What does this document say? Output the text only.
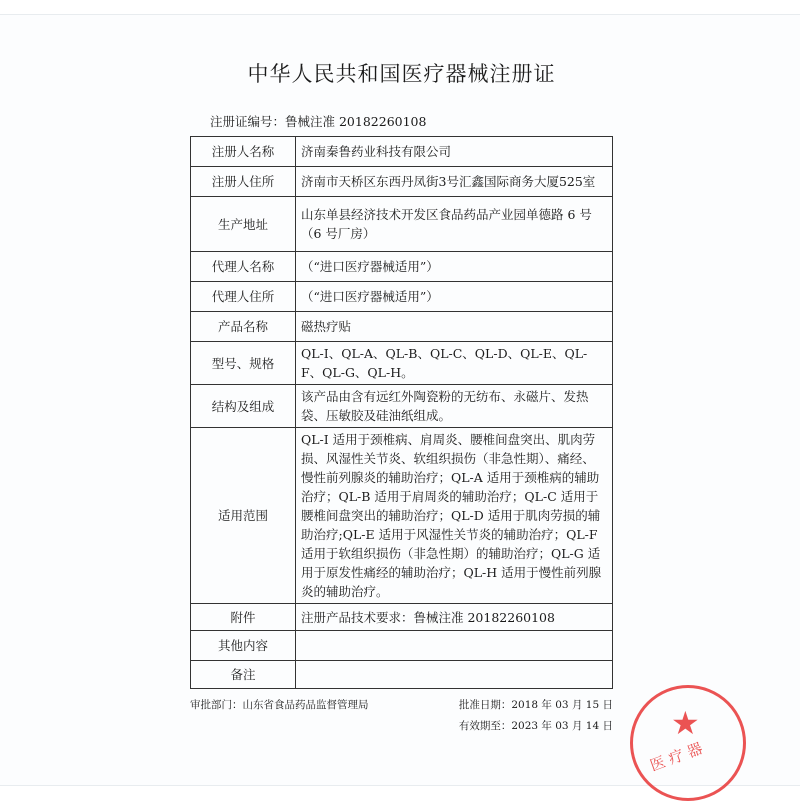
中华人民共和国医疗器械注册证
注册证编号：鲁械注准 20182260108
注册人名称	济南秦鲁药业科技有限公司
注册人住所	济南市天桥区东西丹凤街3号汇鑫国际商务大厦525室
生产地址	山东单县经济技术开发区食品药品产业园单德路 6 号（6 号厂房）
代理人名称	（“进口医疗器械适用”）
代理人住所	（“进口医疗器械适用”）
产品名称	磁热疗贴
型号、规格	QL-I、QL-A、QL-B、QL-C、QL-D、QL-E、QL-F、QL-G、QL-H。
结构及组成	该产品由含有远红外陶瓷粉的无纺布、永磁片、发热袋、压敏胶及硅油纸组成。
适用范围	QL-I 适用于颈椎病、肩周炎、腰椎间盘突出、肌肉劳损、风湿性关节炎、软组织损伤（非急性期）、痛经、慢性前列腺炎的辅助治疗；QL-A 适用于颈椎病的辅助治疗；QL-B 适用于肩周炎的辅助治疗；QL-C 适用于腰椎间盘突出的辅助治疗；QL-D 适用于肌肉劳损的辅助治疗;QL-E 适用于风湿性关节炎的辅助治疗；QL-F 适用于软组织损伤（非急性期）的辅助治疗；QL-G 适用于原发性痛经的辅助治疗；QL-H 适用于慢性前列腺炎的辅助治疗。
附件	注册产品技术要求：鲁械注准 20182260108
其他内容	
备注	
审批部门：山东省食品药品监督管理局	批准日期：2018 年 03 月 15 日
有效期至：2023 年 03 月 14 日 ★
医 疗 器
